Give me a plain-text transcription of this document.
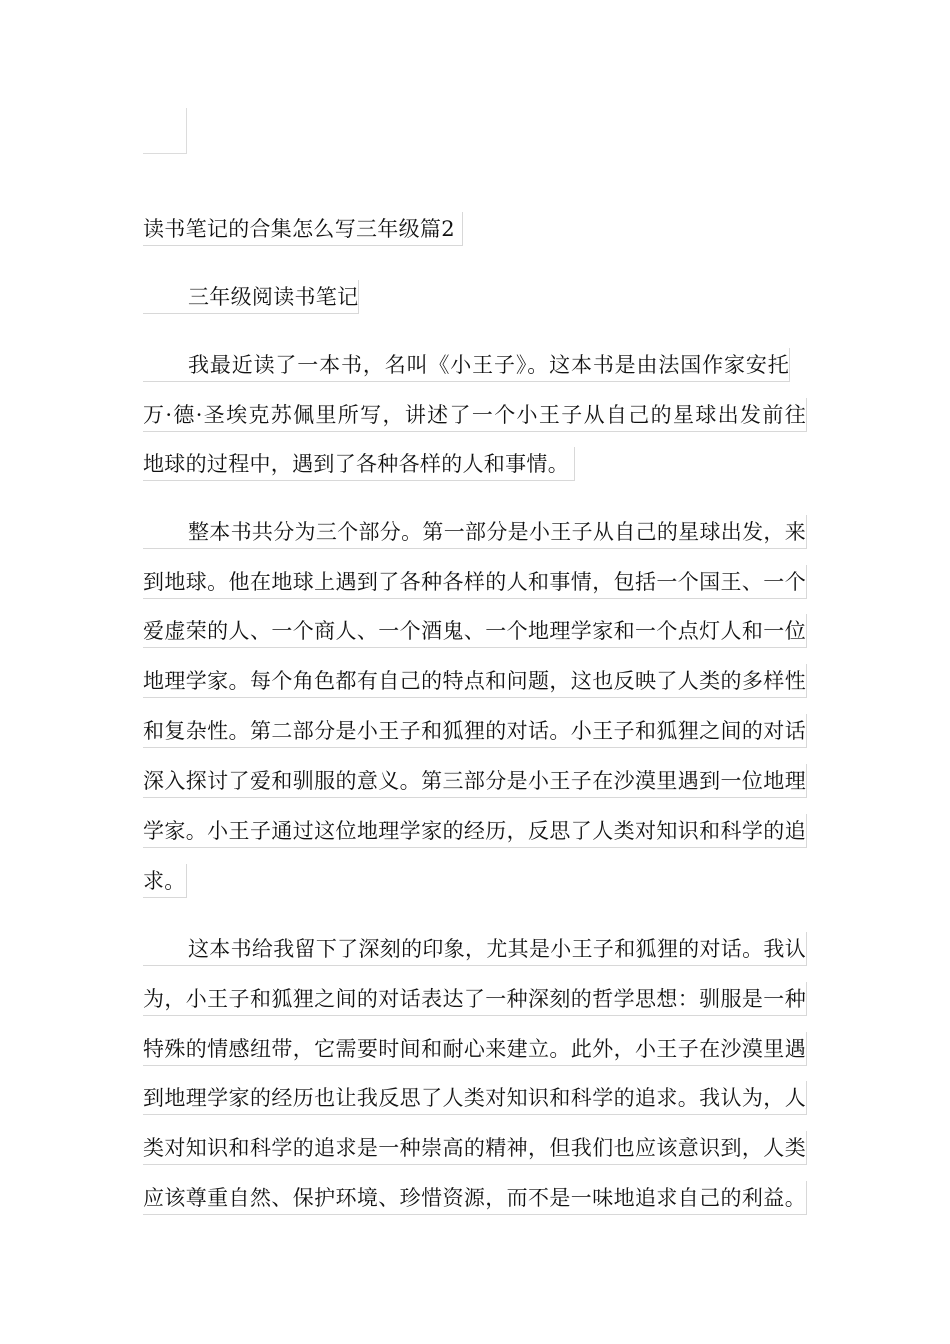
读书笔记的合集怎么写三年级篇2
三年级阅读书笔记
我最近读了一本书，名叫《小王子》。这本书是由法国作家安托
万·德·圣埃克苏佩里所写，讲述了一个小王子从自己的星球出发前往
地球的过程中，遇到了各种各样的人和事情。
整本书共分为三个部分。第一部分是小王子从自己的星球出发，来
到地球。他在地球上遇到了各种各样的人和事情，包括一个国王、一个
爱虚荣的人、一个商人、一个酒鬼、一个地理学家和一个点灯人和一位
地理学家。每个角色都有自己的特点和问题，这也反映了人类的多样性
和复杂性。第二部分是小王子和狐狸的对话。小王子和狐狸之间的对话
深入探讨了爱和驯服的意义。第三部分是小王子在沙漠里遇到一位地理
学家。小王子通过这位地理学家的经历，反思了人类对知识和科学的追
求。
这本书给我留下了深刻的印象，尤其是小王子和狐狸的对话。我认
为，小王子和狐狸之间的对话表达了一种深刻的哲学思想：驯服是一种
特殊的情感纽带，它需要时间和耐心来建立。此外，小王子在沙漠里遇
到地理学家的经历也让我反思了人类对知识和科学的追求。我认为，人
类对知识和科学的追求是一种崇高的精神，但我们也应该意识到，人类
应该尊重自然、保护环境、珍惜资源，而不是一味地追求自己的利益。
